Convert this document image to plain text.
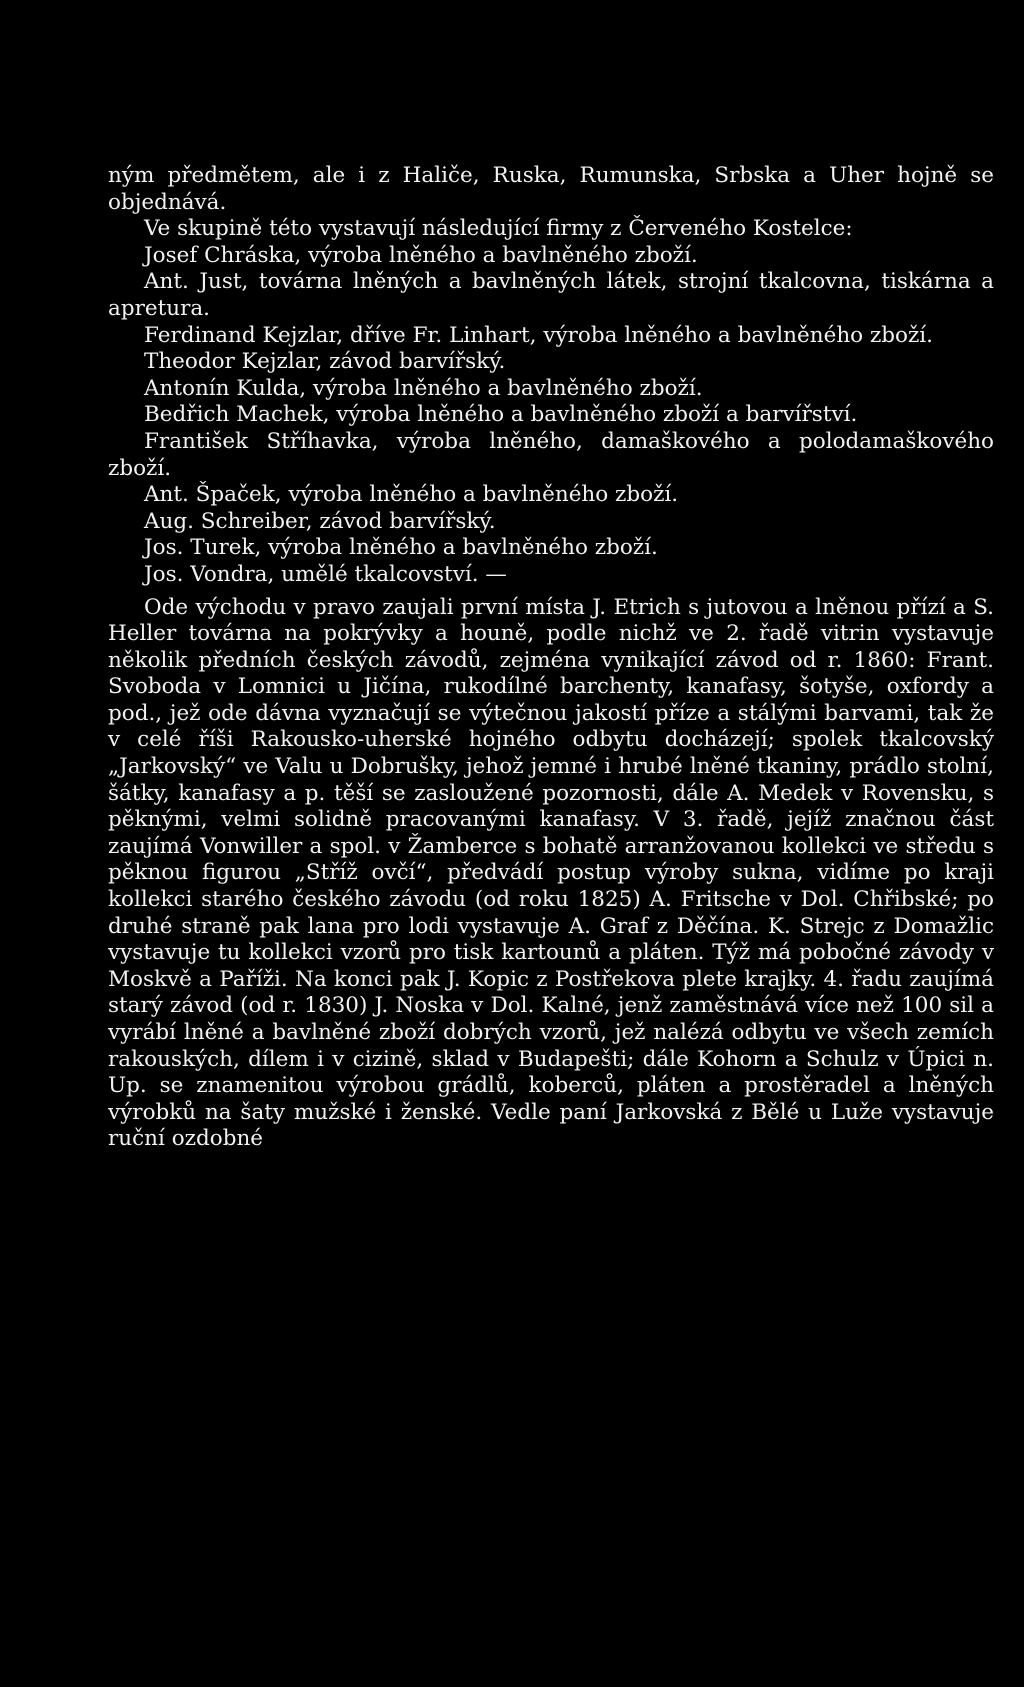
ným předmětem, ale i z Haliče, Ruska, Rumunska, Srbska a Uher hojně se objednává.

Ve skupině této vystavují následující firmy z Červeného Kostelce:

Josef Chráska, výroba lněného a bavlněného zboží.

Ant. Just, továrna lněných a bavlněných látek, strojní tkalcovna, tiskárna a apretura.

Ferdinand Kejzlar, dříve Fr. Linhart, výroba lněného a bavlněného zboží.

Theodor Kejzlar, závod barvířský.

Antonín Kulda, výroba lněného a bavlněného zboží.

Bedřich Machek, výroba lněného a bavlněného zboží a barvířství.

František Stříhavka, výroba lněného, damaškového a polodamaškového zboží.

Ant. Špaček, výroba lněného a bavlněného zboží.

Aug. Schreiber, závod barvířský.

Jos. Turek, výroba lněného a bavlněného zboží.

Jos. Vondra, umělé tkalcovství. —

Ode východu v pravo zaujali první místa J. Etrich s jutovou a lněnou přízí a S. Heller továrna na pokrývky a houně, podle nichž ve 2. řadě vitrin vystavuje několik předních českých závodů, zejména vynikající závod od r. 1860: Frant. Svoboda v Lomnici u Jičína, rukodílné barchenty, kanafasy, šotyše, oxfordy a pod., jež ode dávna vyznačují se výtečnou jakostí příze a stálými barvami, tak že v celé říši Rakousko-uherské hojného odbytu docházejí; spolek tkalcovský „Jarkovský“ ve Valu u Dobrušky, jehož jemné i hrubé lněné tkaniny, prádlo stolní, šátky, kanafasy a p. těší se zasloužené pozornosti, dále A. Medek v Rovensku, s pěknými, velmi solidně pracovanými kanafasy. V 3. řadě, jejíž značnou část zaujímá Vonwiller a spol. v Žamberce s bohatě arranžovanou kollekci ve středu s pěknou figurou „Stříž ovčí“, předvádí postup výroby sukna, vidíme po kraji kollekci starého českého závodu (od roku 1825) A. Fritsche v Dol. Chřibské; po druhé straně pak lana pro lodi vystavuje A. Graf z Děčína. K. Strejc z Domažlic vystavuje tu kollekci vzorů pro tisk kartounů a pláten. Týž má pobočné závody v Moskvě a Paříži. Na konci pak J. Kopic z Postřekova plete krajky. 4. řadu zaujímá starý závod (od r. 1830) J. Noska v Dol. Kalné, jenž zaměstnává více než 100 sil a vyrábí lněné a bavlněné zboží dobrých vzorů, jež nalézá odbytu ve všech zemích rakouských, dílem i v cizině, sklad v Budapešti; dále Kohorn a Schulz v Úpici n. Up. se znamenitou výrobou grádlů, koberců, pláten a prostěradel a lněných výrobků na šaty mužské i ženské. Vedle paní Jarkovská z Bělé u Luže vystavuje ruční ozdobné
